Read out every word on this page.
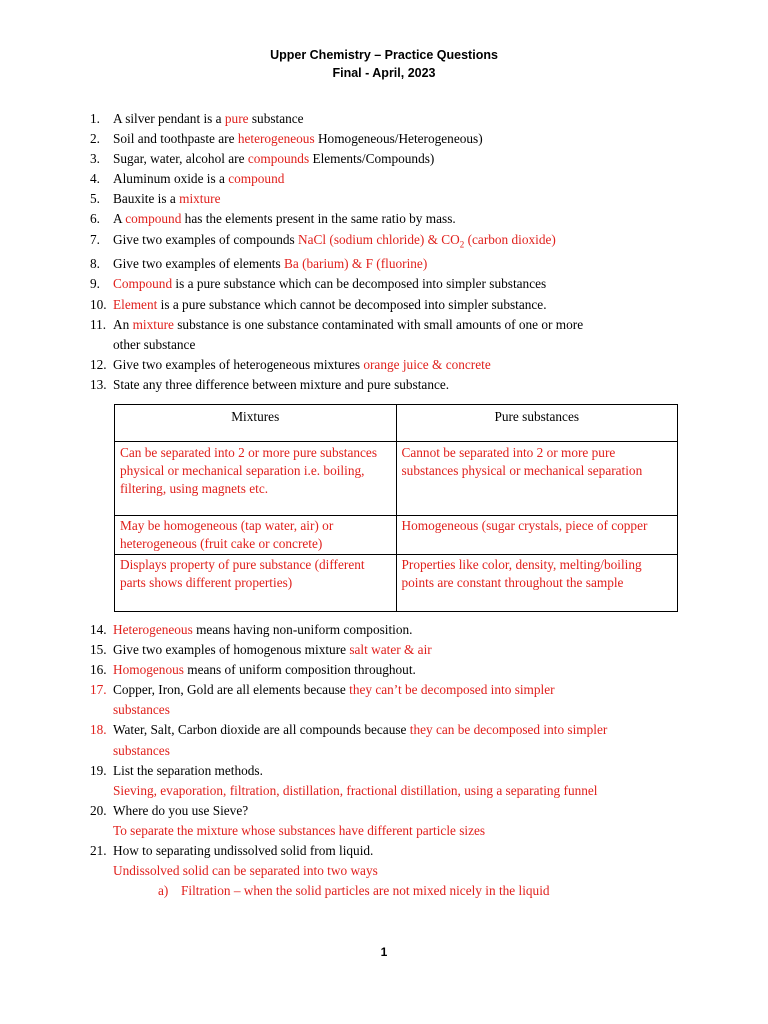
Upper Chemistry – Practice Questions
Final - April, 2023
1. A silver pendant is a pure substance
2. Soil and toothpaste are heterogeneous Homogeneous/Heterogeneous)
3. Sugar, water, alcohol are compounds Elements/Compounds)
4. Aluminum oxide is a compound
5. Bauxite is a mixture
6. A compound has the elements present in the same ratio by mass.
7. Give two examples of compounds NaCl (sodium chloride) & $CO_2$ (carbon dioxide)
8. Give two examples of elements Ba (barium) & F (fluorine)
9. Compound is a pure substance which can be decomposed into simpler substances
10. Element is a pure substance which cannot be decomposed into simpler substance.
11. An mixture substance is one substance contaminated with small amounts of one or more
other substance
12. Give two examples of heterogeneous mixtures orange juice & concrete
13. State any three difference between mixture and pure substance.
Mixtures	Pure substances
Can be separated into 2 or more pure substances physical or mechanical separation i.e. boiling, filtering, using magnets etc.	Cannot be separated into 2 or more pure substances physical or mechanical separation
May be homogeneous (tap water, air) or heterogeneous (fruit cake or concrete)	Homogeneous (sugar crystals, piece of copper
Displays property of pure substance (different parts shows different properties)	Properties like color, density, melting/boiling points are constant throughout the sample
14. Heterogeneous means having non-uniform composition.
15. Give two examples of homogenous mixture salt water & air
16. Homogenous means of uniform composition throughout.
17. Copper, Iron, Gold are all elements because they can’t be decomposed into simpler
substances
18. Water, Salt, Carbon dioxide are all compounds because they can be decomposed into simpler
substances
19. List the separation methods.
Sieving, evaporation, filtration, distillation, fractional distillation, using a separating funnel
20. Where do you use Sieve?
To separate the mixture whose substances have different particle sizes
21. How to separating undissolved solid from liquid.
Undissolved solid can be separated into two ways
a) Filtration – when the solid particles are not mixed nicely in the liquid
1
